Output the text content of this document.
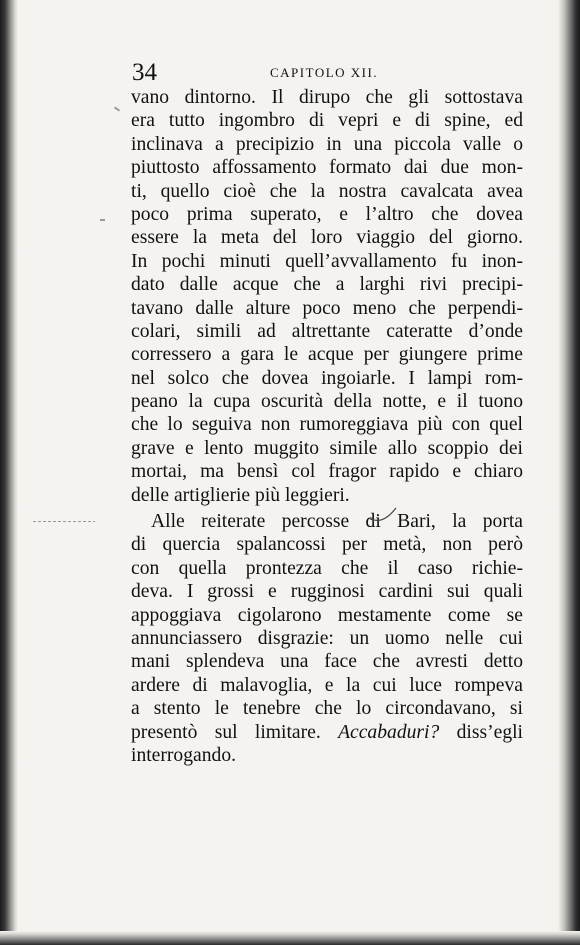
34	CAPITOLO XII.
vano dintorno. Il dirupo che gli sottostava
era tutto ingombro di vepri e di spine, ed
inclinava a precipizio in una piccola valle o
piuttosto affossamento formato dai due mon-
ti, quello cioè che la nostra cavalcata avea
poco prima superato, e l’altro che dovea
essere la meta del loro viaggio del giorno.
In pochi minuti quell’avvallamento fu inon-
dato dalle acque che a larghi rivi precipi-
tavano dalle alture poco meno che perpendi-
colari, simili ad altrettante cateratte d’onde
corressero a gara le acque per giungere prime
nel solco che dovea ingoiarle. I lampi rom-
peano la cupa oscurità della notte, e il tuono
che lo seguiva non rumoreggiava più con quel
grave e lento muggito simile allo scoppio dei
mortai, ma bensì col fragor rapido e chiaro
delle artiglierie più leggieri.
Alle reiterate percosse di Bari, la porta
di quercia spalancossi per metà, non però
con quella prontezza che il caso richie-
deva. I grossi e rugginosi cardini sui quali
appoggiava cigolarono mestamente come se
annunciassero disgrazie: un uomo nelle cui
mani splendeva una face che avresti detto
ardere di malavoglia, e la cui luce rompeva
a stento le tenebre che lo circondavano, si
presentò sul limitare. Accabaduri? diss’egli
interrogando.
